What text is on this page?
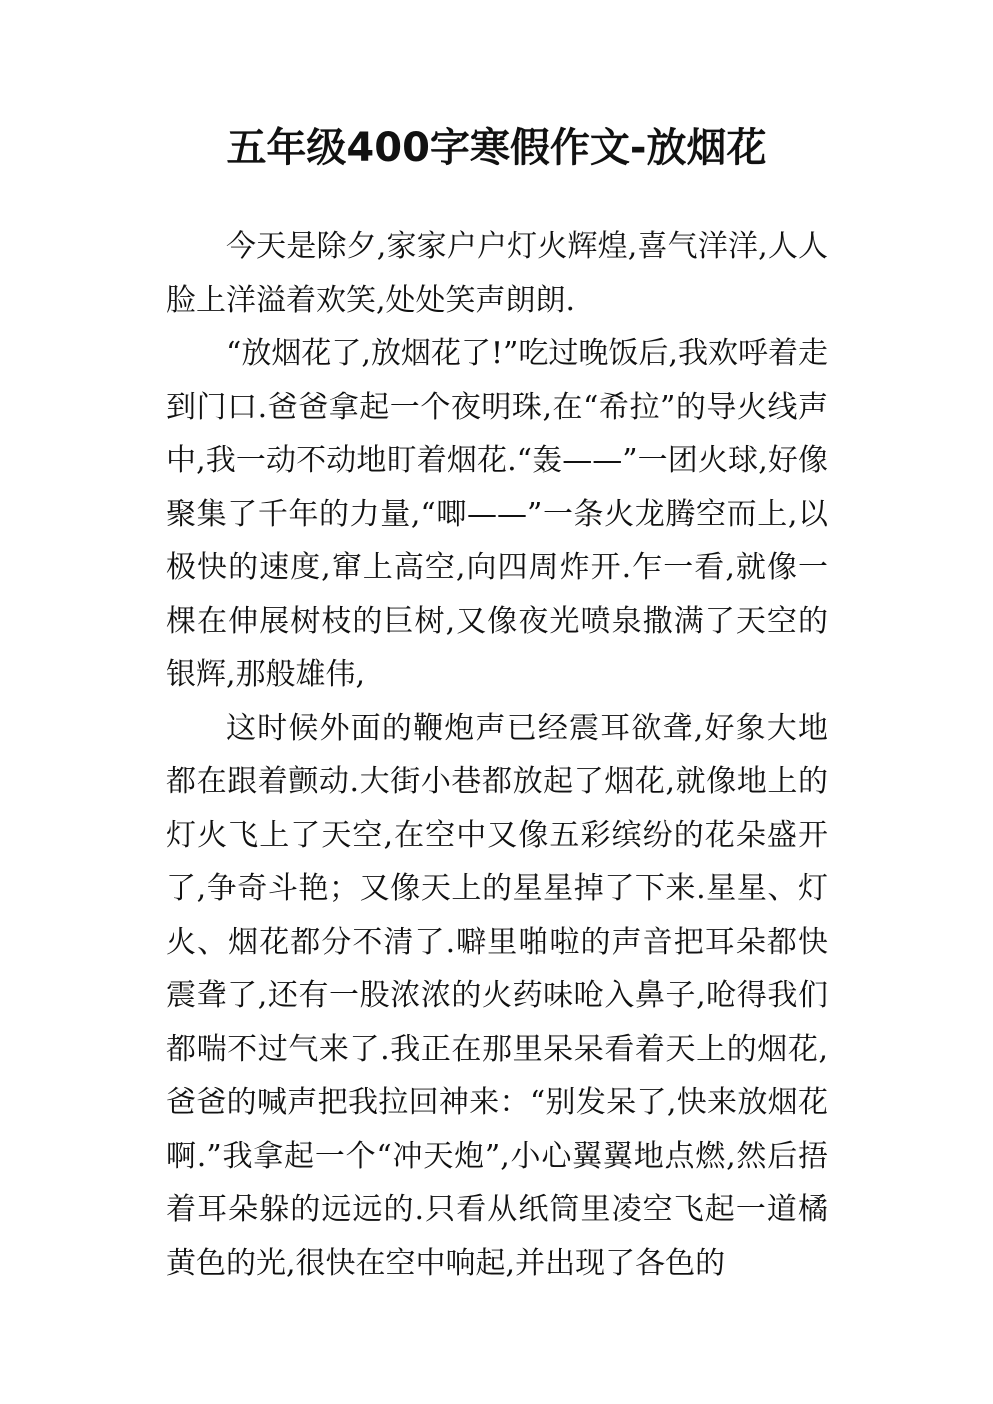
五年级400字寒假作文-放烟花

今天是除夕,家家户户灯火辉煌,喜气洋洋,人人脸上洋溢着欢笑,处处笑声朗朗.

“放烟花了,放烟花了!”吃过晚饭后,我欢呼着走到门口.爸爸拿起一个夜明珠,在“希拉”的导火线声中,我一动不动地盯着烟花.“轰——”一团火球,好像聚集了千年的力量,“唧——”一条火龙腾空而上,以极快的速度,窜上高空,向四周炸开.乍一看,就像一棵在伸展树枝的巨树,又像夜光喷泉撒满了天空的银辉,那般雄伟,

这时候外面的鞭炮声已经震耳欲聋,好象大地都在跟着颤动.大街小巷都放起了烟花,就像地上的灯火飞上了天空,在空中又像五彩缤纷的花朵盛开了,争奇斗艳；又像天上的星星掉了下来.星星、灯火、烟花都分不清了.噼里啪啦的声音把耳朵都快震聋了,还有一股浓浓的火药味呛入鼻子,呛得我们都喘不过气来了.我正在那里呆呆看着天上的烟花,爸爸的喊声把我拉回神来：“别发呆了,快来放烟花啊.”我拿起一个“冲天炮”,小心翼翼地点燃,然后捂着耳朵躲的远远的.只看从纸筒里凌空飞起一道橘黄色的光,很快在空中响起,并出现了各色的
